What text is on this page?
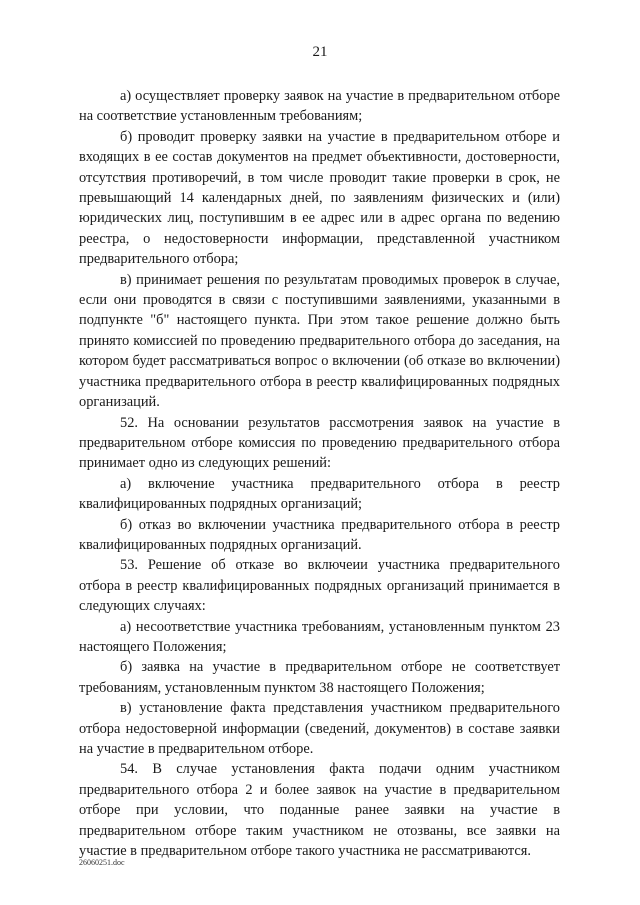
21

а) осуществляет проверку заявок на участие в предварительном отборе на соответствие установленным требованиям;

б) проводит проверку заявки на участие в предварительном отборе и входящих в ее состав документов на предмет объективности, достоверности, отсутствия противоречий, в том числе проводит такие проверки в срок, не превышающий 14 календарных дней, по заявлениям физических и (или) юридических лиц, поступившим в ее адрес или в адрес органа по ведению реестра, о недостоверности информации, представленной участником предварительного отбора;

в) принимает решения по результатам проводимых проверок в случае, если они проводятся в связи с поступившими заявлениями, указанными в подпункте "б" настоящего пункта. При этом такое решение должно быть принято комиссией по проведению предварительного отбора до заседания, на котором будет рассматриваться вопрос о включении (об отказе во включении) участника предварительного отбора в реестр квалифицированных подрядных организаций.

52. На основании результатов рассмотрения заявок на участие в предварительном отборе комиссия по проведению предварительного отбора принимает одно из следующих решений:

а) включение участника предварительного отбора в реестр квалифицированных подрядных организаций;

б) отказ во включении участника предварительного отбора в реестр квалифицированных подрядных организаций.

53. Решение об отказе во включеии участника предварительного отбора в реестр квалифицированных подрядных организаций принимается в следующих случаях:

а) несоответствие участника требованиям, установленным пунктом 23 настоящего Положения;

б) заявка на участие в предварительном отборе не соответствует требованиям, установленным пунктом 38 настоящего Положения;

в) установление факта представления участником предварительного отбора недостоверной информации (сведений, документов) в составе заявки на участие в предварительном отборе.

54. В случае установления факта подачи одним участником предварительного отбора 2 и более заявок на участие в предварительном отборе при условии, что поданные ранее заявки на участие в предварительном отборе таким участником не отозваны, все заявки на участие в предварительном отборе такого участника не рассматриваются.

26060251.doc
